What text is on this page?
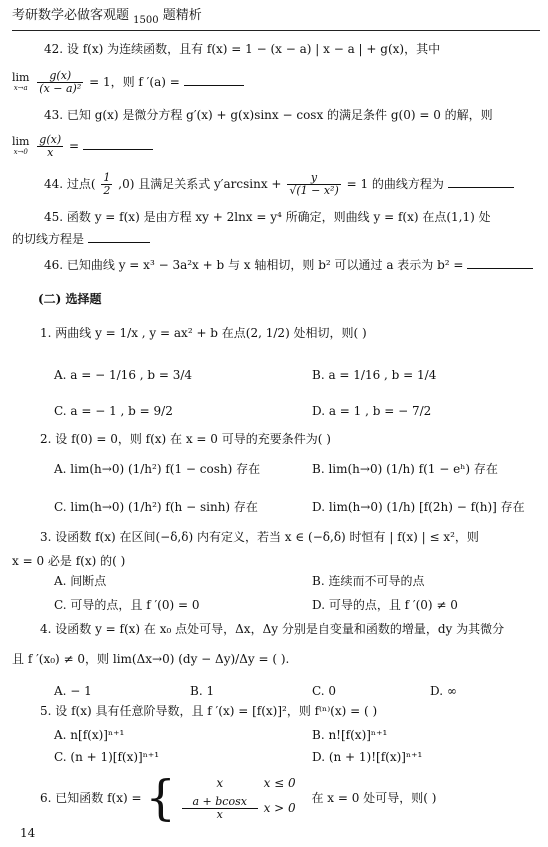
考研数学必做客观题 $_{1500}$ 题精析
42. 设 f(x) 为连续函数，且有 f(x) = 1 − (x − a) | x − a | + g(x)，其中
lim
x→a
$\frac{g(x)}{\text{(x − a)²}} = 1$，则 f ′(a) =
43. 已知 g(x) 是微分方程 g′(x) + g(x)sinx − cosx 的满足条件 g(0) = 0 的解，则
lim
x→0
$\frac{g(x)}{x}$ =
44. 过点( $\frac{1}{2} ,0$) 且满足关系式 $y'\arcsin x + \frac{y}{\text{√(1 − x²)}} = 1$ 的曲线方程为
45. 函数 y = f(x) 是由方程 xy + 2lnx = y⁴ 所确定，则曲线 y = f(x) 在点(1,1) 处
的切线方程是
46. 已知曲线 y = x³ − 3a²x + b 与 x 轴相切，则 b² 可以通过 a 表示为 b² =
(二) 选择题
1. 两曲线 y = 1/x , y = ax² + b 在点(2, 1/2) 处相切，则( )
A. a = − 1/16 , b = 3/4	B. a = 1/16 , b = 1/4
C. a = − 1 , b = 9/2	D. a = 1 , b = − 7/2
2. 设 f(0) = 0，则 f(x) 在 x = 0 可导的充要条件为( )
A. lim(h→0) (1/h²) f(1 − cosh) 存在	B. lim(h→0) (1/h) f(1 − eʰ) 存在
C. lim(h→0) (1/h²) f(h − sinh) 存在	D. lim(h→0) (1/h) [f(2h) − f(h)] 存在
3. 设函数 f(x) 在区间(−δ,δ) 内有定义，若当 x ∈ (−δ,δ) 时恒有 | f(x) | ≤ x²，则
x = 0 必是 f(x) 的( )
A. 间断点	B. 连续而不可导的点
C. 可导的点，且 f ′(0) = 0	D. 可导的点，且 f ′(0) ≠ 0
4. 设函数 y = f(x) 在 x₀ 点处可导，Δx，Δy 分别是自变量和函数的增量，dy 为其微分
且 f ′(x₀) ≠ 0，则 lim(Δx→0) (dy − Δy)/Δy = ( ).
A. − 1	B. 1	C. 0	D. ∞
5. 设 f(x) 具有任意阶导数，且 f ′(x) = [f(x)]²，则 f⁽ⁿ⁾(x) = ( )
A. n[f(x)]ⁿ⁺¹	B. n![f(x)]ⁿ⁺¹
C. (n + 1)[f(x)]ⁿ⁺¹	D. (n + 1)![f(x)]ⁿ⁺¹
6. 已知函数 f(x) = {	x	x ≤ 0
$\frac{a + bcosx}{x}$ x > 0
在 x = 0 处可导，则( )
14
